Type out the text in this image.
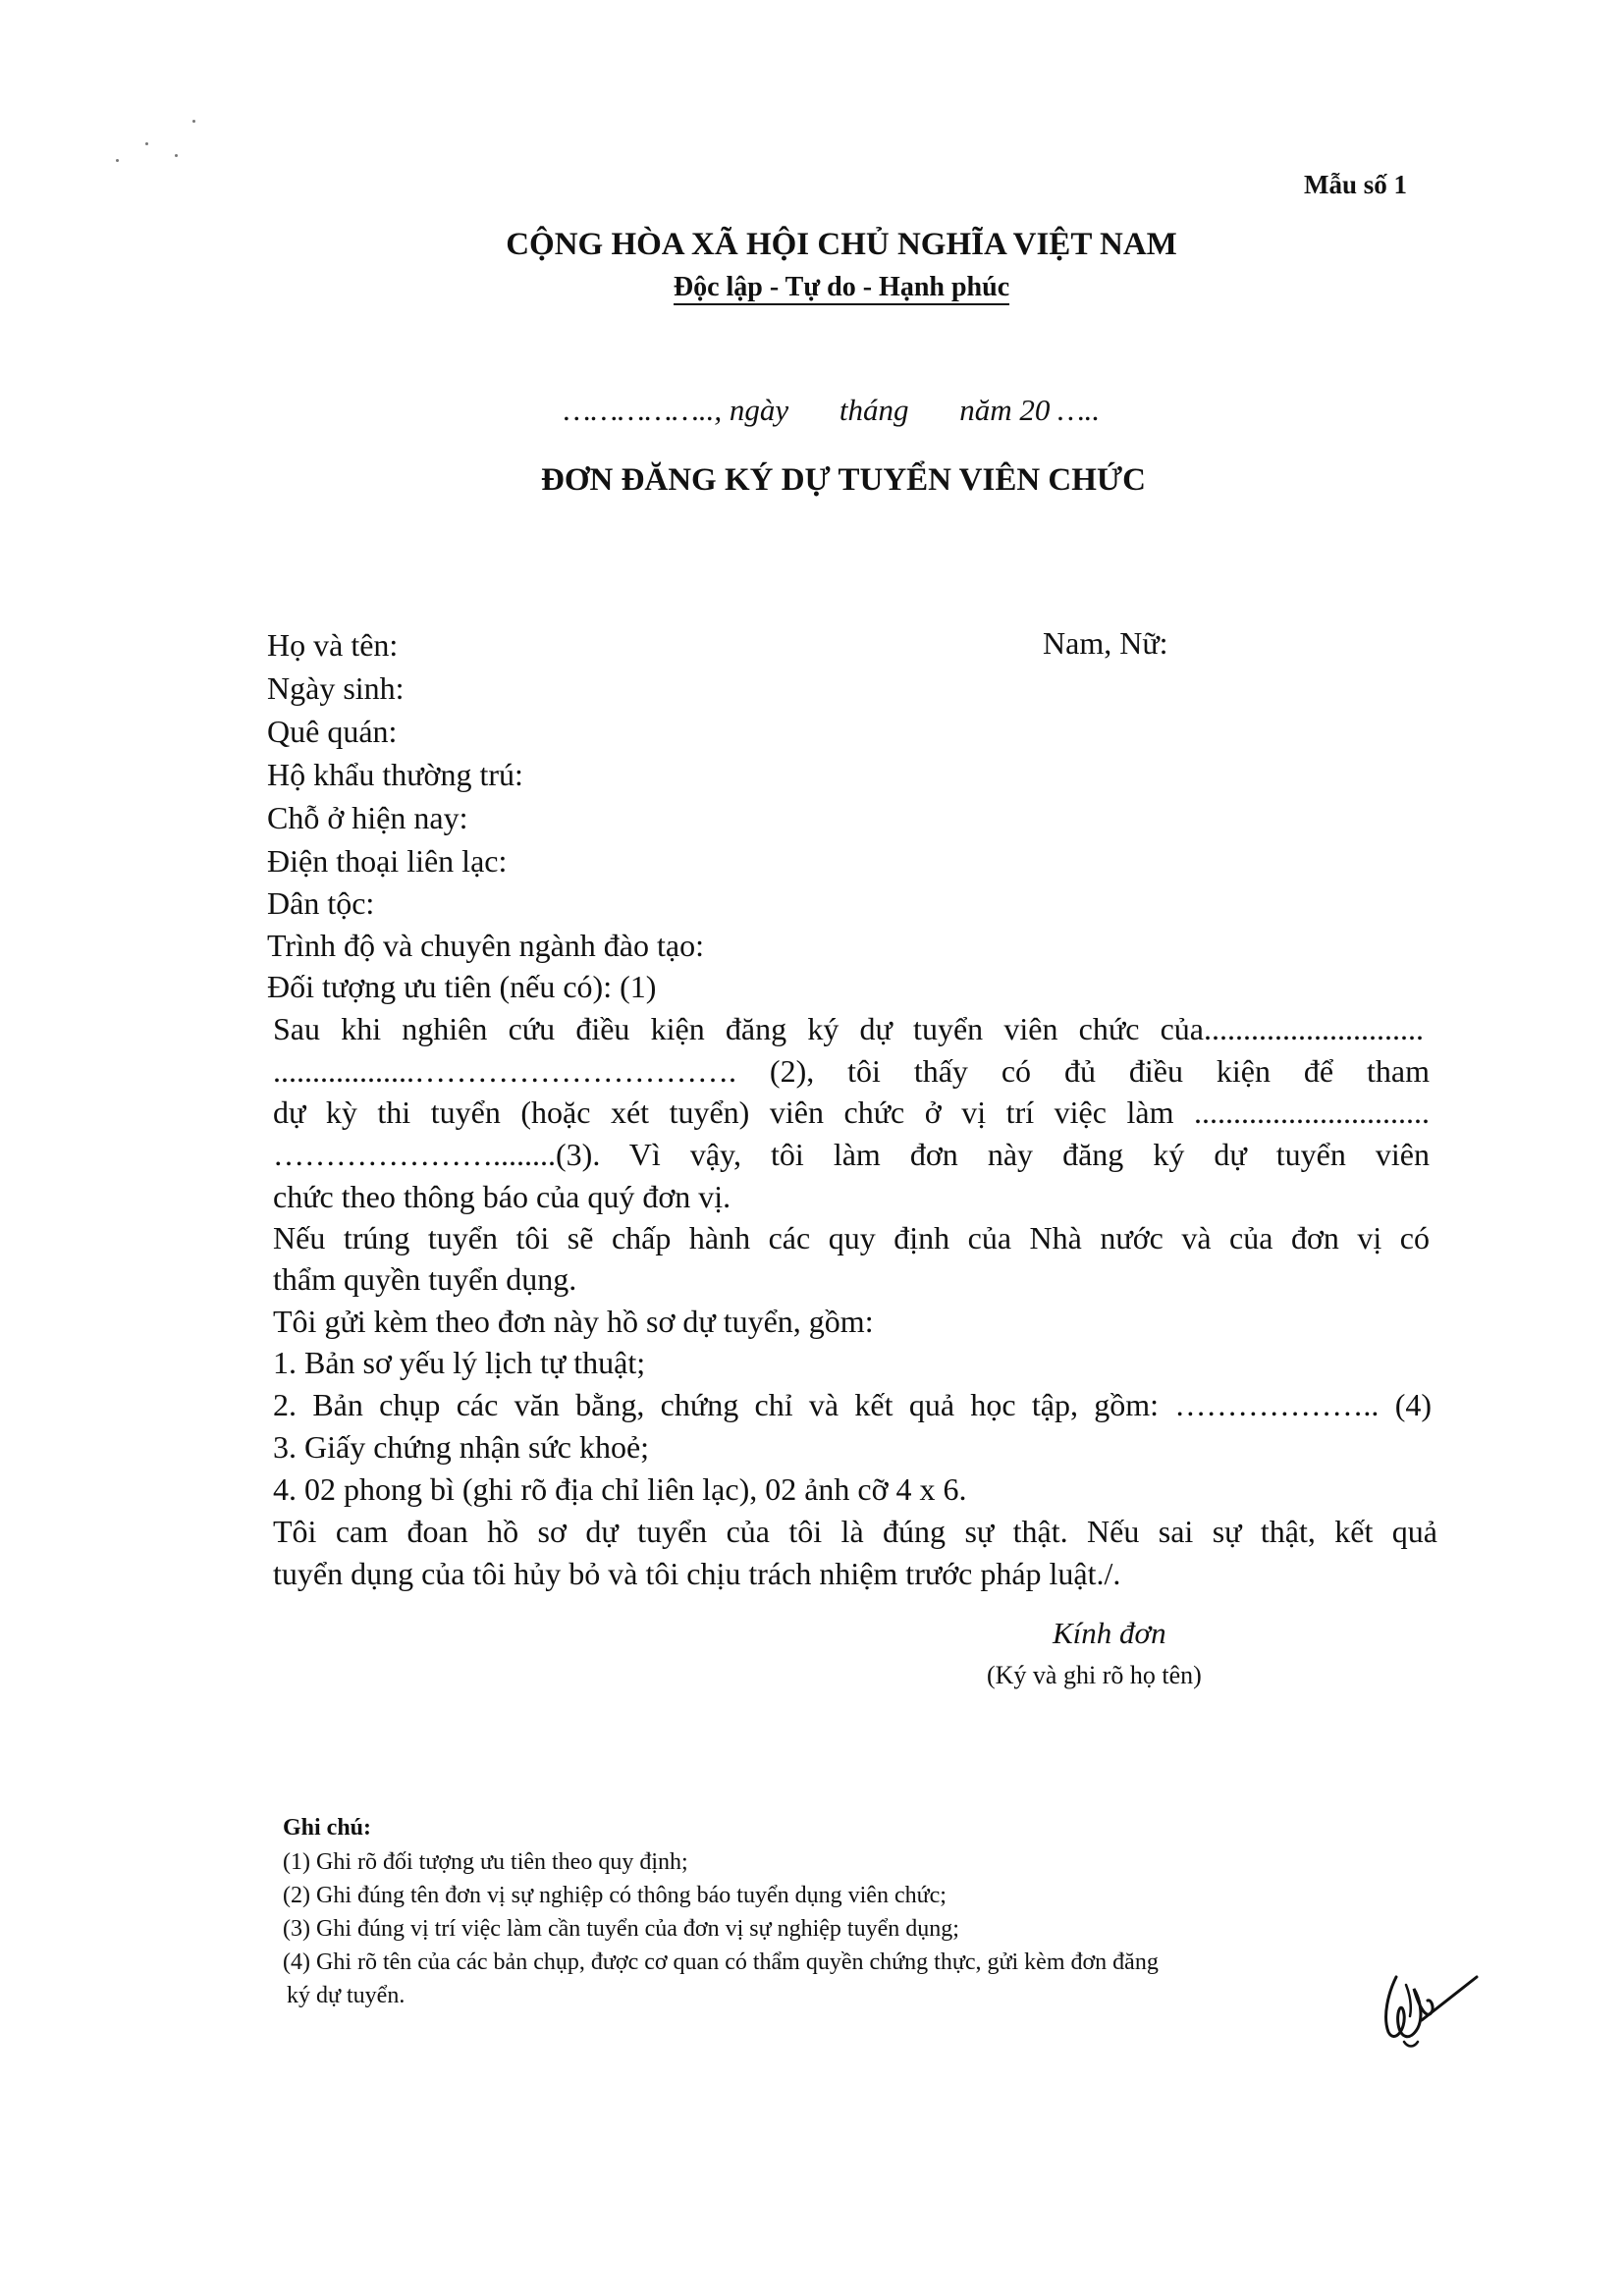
Mẫu số 1
CỘNG HÒA XÃ HỘI CHỦ NGHĨA VIỆT NAM
Độc lập - Tự do - Hạnh phúc
…………….., ngày tháng năm 20 …..
ĐƠN ĐĂNG KÝ DỰ TUYỂN VIÊN CHỨC
Họ và tên:	Nam, Nữ:
Ngày sinh:
Quê quán:
Hộ khẩu thường trú:
Chỗ ở hiện nay:
Điện thoại liên lạc:
Dân tộc:
Trình độ và chuyên ngành đào tạo:
Đối tượng ưu tiên (nếu có): (1)
Sau khi nghiên cứu điều kiện đăng ký dự tuyển viên chức của............................
..................…………………………. (2), tôi thấy có đủ điều kiện để tham
dự kỳ thi tuyển (hoặc xét tuyển) viên chức ở vị trí việc làm ..............................
…………………........(3). Vì vậy, tôi làm đơn này đăng ký dự tuyển viên
chức theo thông báo của quý đơn vị.
Nếu trúng tuyển tôi sẽ chấp hành các quy định của Nhà nước và của đơn vị có
thẩm quyền tuyển dụng.
Tôi gửi kèm theo đơn này hồ sơ dự tuyển, gồm:
1. Bản sơ yếu lý lịch tự thuật;
2. Bản chụp các văn bằng, chứng chỉ và kết quả học tập, gồm: ……………….. (4)
3. Giấy chứng nhận sức khoẻ;
4. 02 phong bì (ghi rõ địa chỉ liên lạc), 02 ảnh cỡ 4 x 6.
Tôi cam đoan hồ sơ dự tuyển của tôi là đúng sự thật. Nếu sai sự thật, kết quả
tuyển dụng của tôi hủy bỏ và tôi chịu trách nhiệm trước pháp luật./.
Kính đơn
(Ký và ghi rõ họ tên)
Ghi chú:
(1) Ghi rõ đối tượng ưu tiên theo quy định;
(2) Ghi đúng tên đơn vị sự nghiệp có thông báo tuyển dụng viên chức;
(3) Ghi đúng vị trí việc làm cần tuyển của đơn vị sự nghiệp tuyển dụng;
(4) Ghi rõ tên của các bản chụp, được cơ quan có thẩm quyền chứng thực, gửi kèm đơn đăng
ký dự tuyển.
